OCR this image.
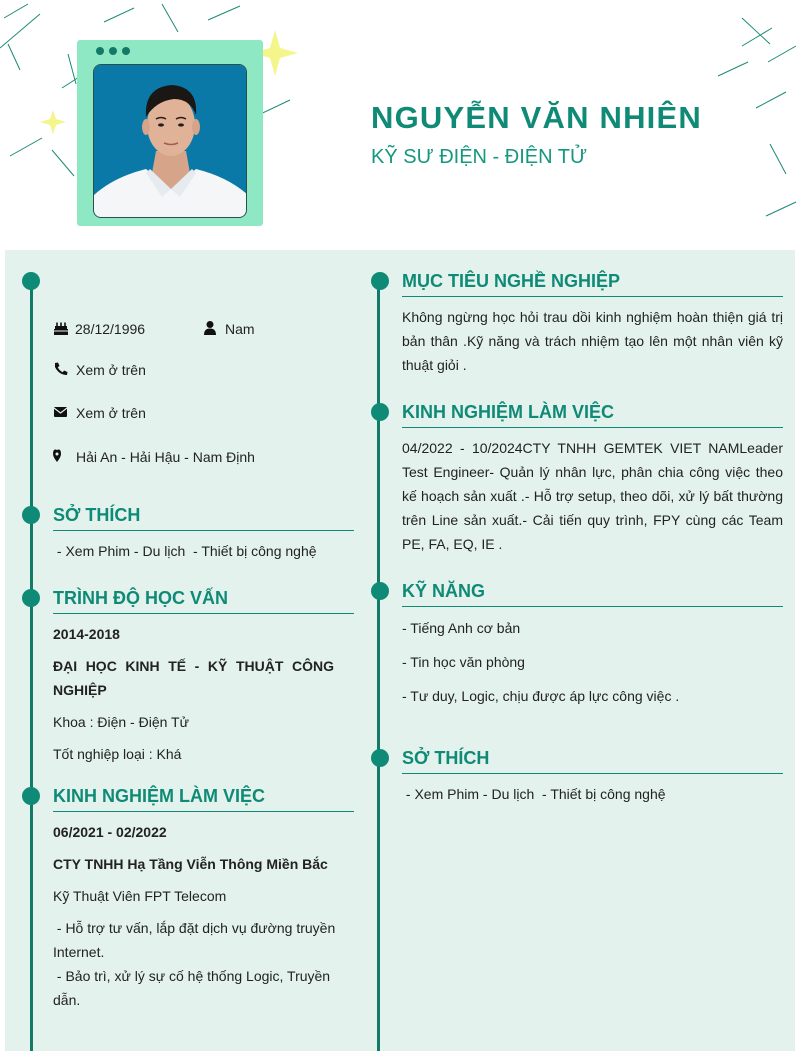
NGUYỄN VĂN NHIÊN
KỸ SƯ ĐIỆN - ĐIỆN TỬ
28/12/1996	Nam
Xem ở trên
Xem ở trên
Hải An - Hải Hậu - Nam Định
SỞ THÍCH
- Xem Phim - Du lịch  - Thiết bị công nghệ
TRÌNH ĐỘ HỌC VẤN
2014-2018
ĐẠI HỌC KINH TẾ - KỸ THUẬT CÔNG NGHIỆP
Khoa : Điện - Điện Tử
Tốt nghiệp loại : Khá
KINH NGHIỆM LÀM VIỆC
06/2021 - 02/2022
CTY TNHH Hạ Tầng Viễn Thông Miền Bắc
Kỹ Thuật Viên FPT Telecom
- Hỗ trợ tư vấn, lắp đặt dịch vụ đường truyền Internet.
- Bảo trì, xử lý sự cố hệ thống Logic, Truyền dẫn.
MỤC TIÊU NGHỀ NGHIỆP
Không ngừng học hỏi trau dồi kinh nghiệm hoàn thiện giá trị bản thân .Kỹ năng và trách nhiệm tạo lên một nhân viên kỹ thuật giỏi .
KINH NGHIỆM LÀM VIỆC
04/2022 - 10/2024CTY TNHH GEMTEK VIET NAMLeader Test Engineer- Quản lý nhân lực, phân chia công việc theo kế hoạch sản xuất .- Hỗ trợ setup, theo dõi, xử lý bất thường trên Line sản xuất.- Cải tiến quy trình, FPY cùng các Team PE, FA, EQ, IE .
KỸ NĂNG
- Tiếng Anh cơ bản
- Tin học văn phòng
- Tư duy, Logic, chịu được áp lực công việc .
SỞ THÍCH
- Xem Phim - Du lịch  - Thiết bị công nghệ
